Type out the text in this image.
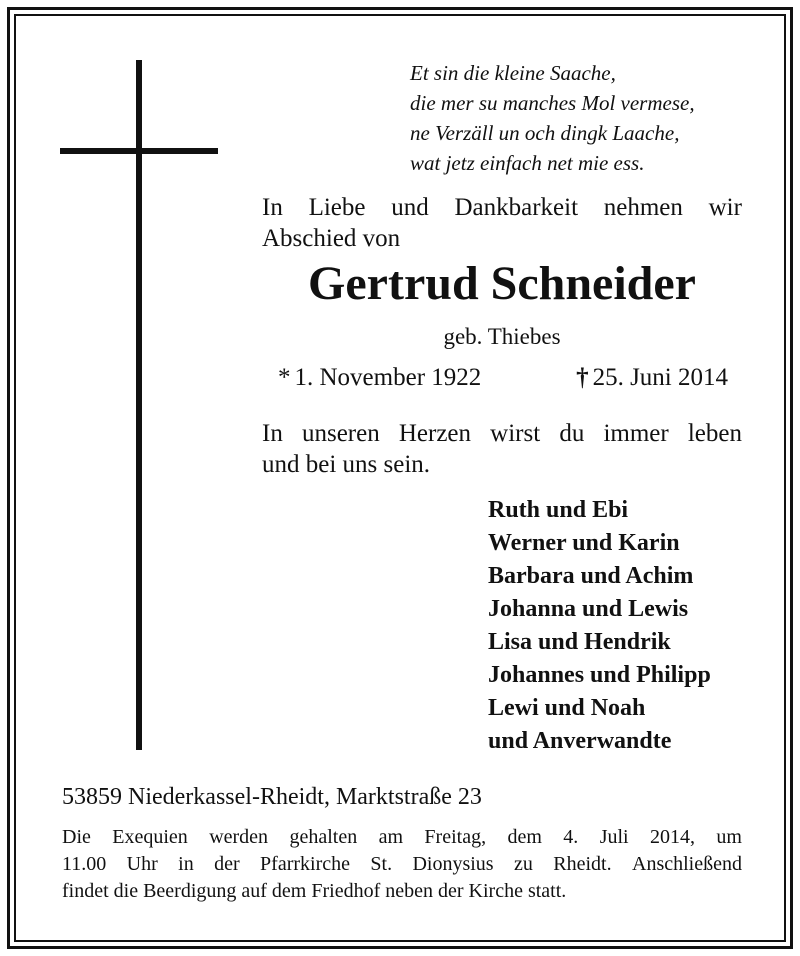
Et sin die kleine Saache,
die mer su manches Mol vermese,
ne Verzäll un och dingk Laache,
wat jetz einfach net mie ess.
In Liebe und Dankbarkeit nehmen wir
Abschied von
Gertrud Schneider
geb. Thiebes
* 1. November 1922	† 25. Juni 2014
In unseren Herzen wirst du immer leben
und bei uns sein.
Ruth und Ebi
Werner und Karin
Barbara und Achim
Johanna und Lewis
Lisa und Hendrik
Johannes und Philipp
Lewi und Noah
und Anverwandte
53859 Niederkassel-Rheidt, Marktstraße 23
Die Exequien werden gehalten am Freitag, dem 4. Juli 2014, um
11.00 Uhr in der Pfarrkirche St. Dionysius zu Rheidt. Anschließend
findet die Beerdigung auf dem Friedhof neben der Kirche statt.
